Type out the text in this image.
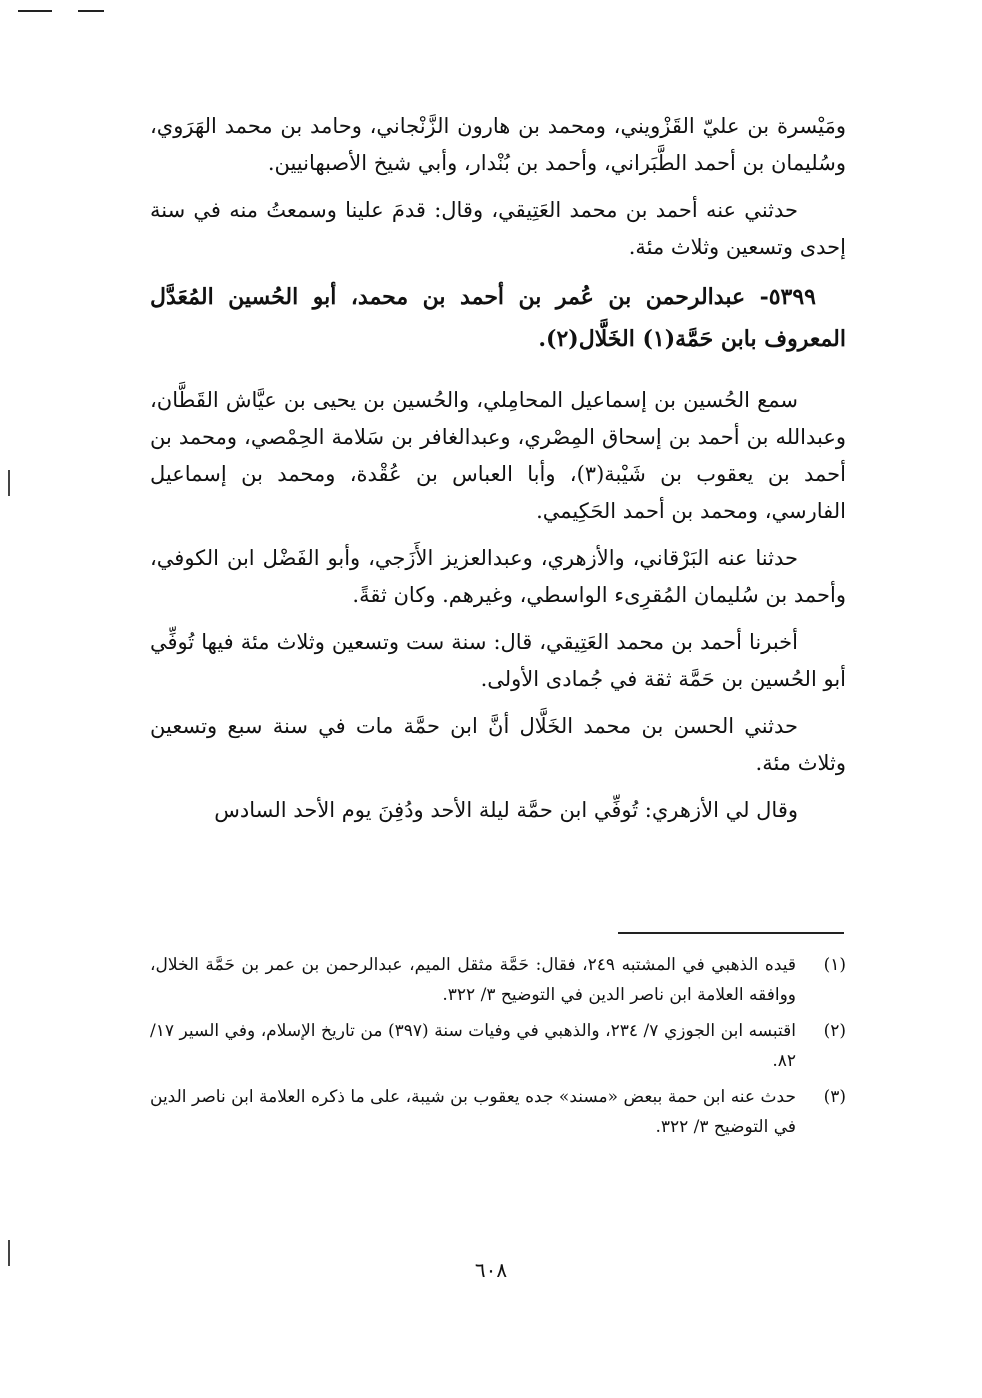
ومَيْسرة بن عليّ القَزْويني، ومحمد بن هارون الزَّنْجاني، وحامد بن محمد الهَرَوي، وسُليمان بن أحمد الطَّبَراني، وأحمد بن بُنْدار، وأبي شيخ الأصبهانيين.

حدثني عنه أحمد بن محمد العَتِيقي، وقال: قدمَ علينا وسمعتُ منه في سنة إحدى وتسعين وثلاث مئة.

٥٣٩٩- عبدالرحمن بن عُمر بن أحمد بن محمد، أبو الحُسين المُعَدَّل المعروف بابن حَمَّة(١) الخَلَّال(٢).

سمع الحُسين بن إسماعيل المحامِلي، والحُسين بن يحيى بن عيَّاش القَطَّان، وعبدالله بن أحمد بن إسحاق المِصْري، وعبدالغافر بن سَلامة الحِمْصي، ومحمد بن أحمد بن يعقوب بن شَيْبة(٣)، وأبا العباس بن عُقْدة، ومحمد بن إسماعيل الفارسي، ومحمد بن أحمد الحَكِيمي.

حدثنا عنه البَرْقاني، والأزهري، وعبدالعزيز الأَزَجي، وأبو الفَضْل ابن الكوفي، وأحمد بن سُليمان المُقرِىء الواسطي، وغيرهم. وكان ثقةً.

أخبرنا أحمد بن محمد العَتِيقي، قال: سنة ست وتسعين وثلاث مئة فيها تُوفِّي أبو الحُسين بن حَمَّة ثقة في جُمادى الأولى.

حدثني الحسن بن محمد الخَلَّال أنَّ ابن حمَّة مات في سنة سبع وتسعين وثلاث مئة.

وقال لي الأزهري: تُوفِّي ابن حمَّة ليلة الأحد ودُفِنَ يوم الأحد السادس

(١)
قيده الذهبي في المشتبه ٢٤٩، فقال: حَمَّة مثقل الميم، عبدالرحمن بن عمر بن حَمَّة الخلال، ووافقه العلامة ابن ناصر الدين في التوضيح ٣/ ٣٢٢.
(٢)
اقتبسه ابن الجوزي ٧/ ٢٣٤، والذهبي في وفيات سنة (٣٩٧) من تاريخ الإسلام، وفي السير ١٧/ ٨٢.
(٣)
حدث عنه ابن حمة ببعض «مسند» جده يعقوب بن شيبة، على ما ذكره العلامة ابن ناصر الدين في التوضيح ٣/ ٣٢٢.
٦٠٨
